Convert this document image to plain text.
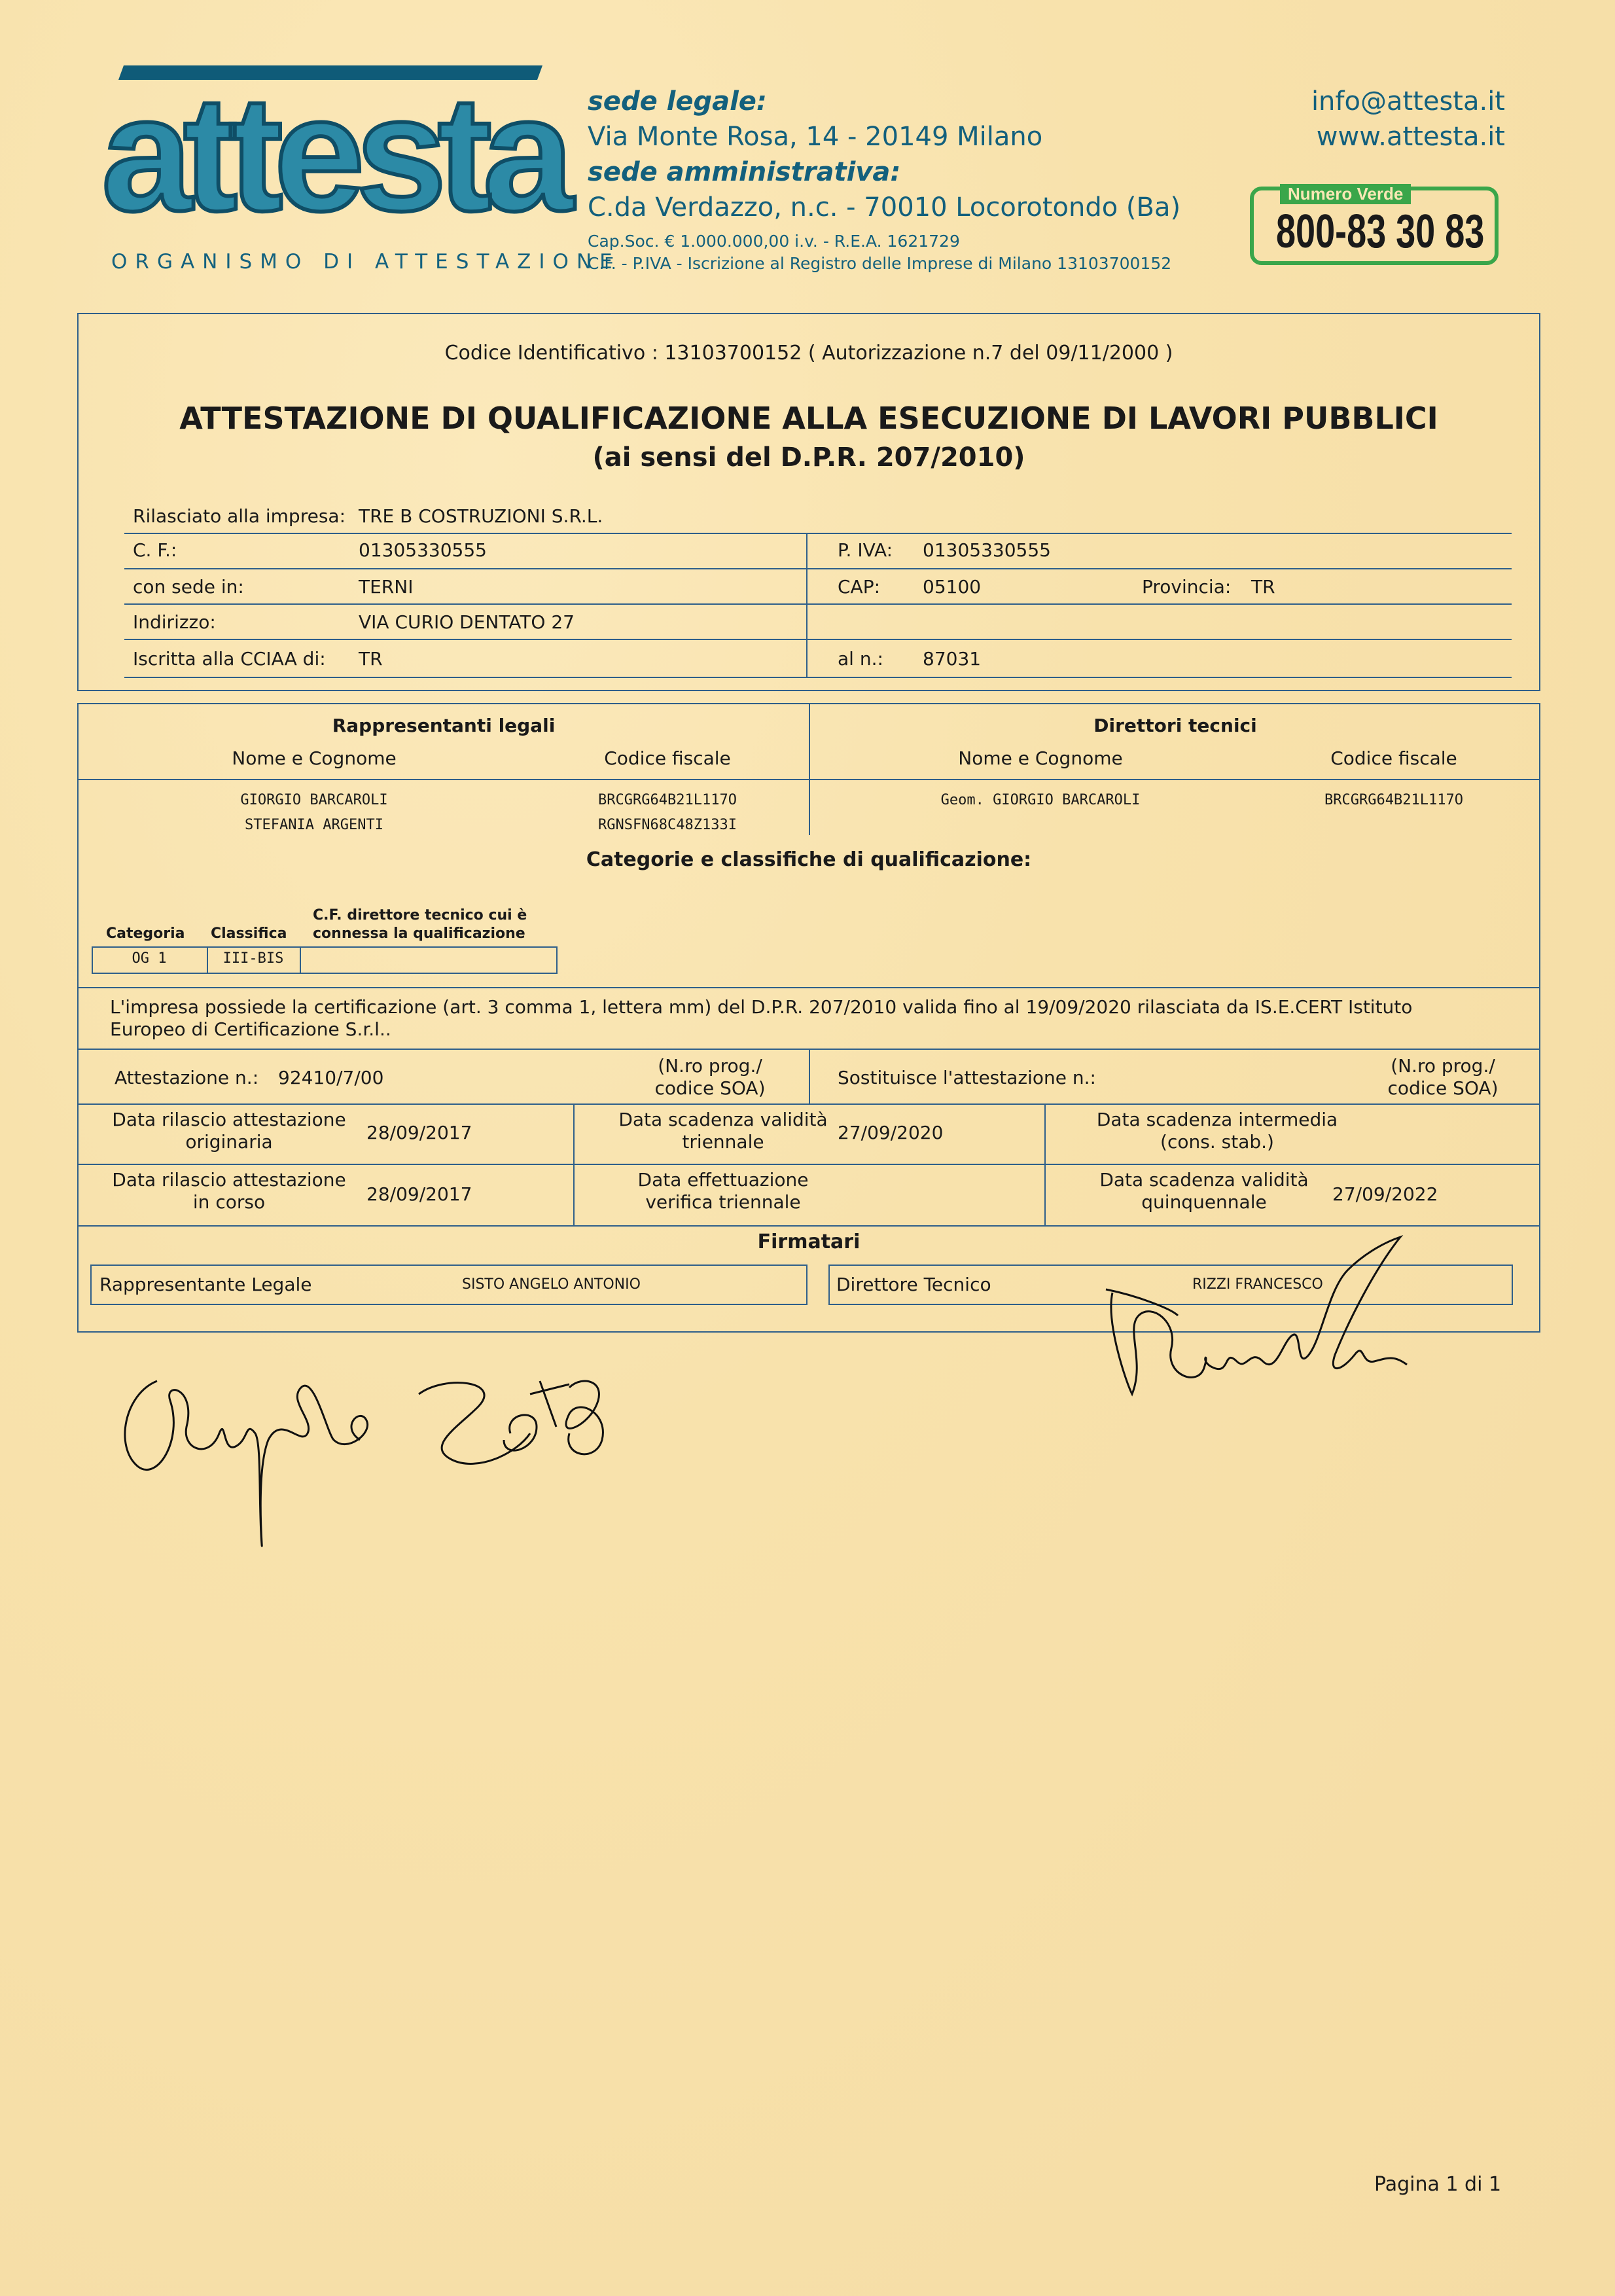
attesta
ORGANISMO DI ATTESTAZIONE
sede legale:
Via Monte Rosa, 14 - 20149 Milano
sede amministrativa:
C.da Verdazzo, n.c. - 70010 Locorotondo (Ba)
Cap.Soc. € 1.000.000,00 i.v. - R.E.A. 1621729
C.F. - P.IVA - Iscrizione al Registro delle Imprese di Milano 13103700152
info@attesta.it
www.attesta.it
Numero Verde
800-83 30 83
Codice Identificativo : 13103700152 ( Autorizzazione n.7 del 09/11/2000 )
ATTESTAZIONE DI QUALIFICAZIONE ALLA ESECUZIONE DI LAVORI PUBBLICI
(ai sensi del D.P.R. 207/2010)
Rilasciato alla impresa: TRE B COSTRUZIONI S.R.L.
C. F.:	01305330555	P. IVA: 01305330555
con sede in:	TERNI	CAP: 05100	Provincia: TR
Indirizzo:	VIA CURIO DENTATO 27
Iscritta alla CCIAA di: TR	al n.: 87031
Rappresentanti legali
Nome e Cognome	Codice fiscale
Direttori tecnici
Nome e Cognome	Codice fiscale
GIORGIO BARCAROLI	BRCGRG64B21L117O
STEFANIA ARGENTI	RGNSFN68C48Z133I
Geom. GIORGIO BARCAROLI	BRCGRG64B21L117O
Categorie e classifiche di qualificazione:
C.F. direttore tecnico cui è
connessa la qualificazione
Categoria Classifica
OG 1	III-BIS
L'impresa possiede la certificazione (art. 3 comma 1, lettera mm) del D.P.R. 207/2010 valida fino al 19/09/2020 rilasciata da IS.E.CERT Istituto
Europeo di Certificazione S.r.l..
Attestazione n.: 92410/7/00
(N.ro prog./
codice SOA)	Sostituisce l'attestazione n.:
(N.ro prog./
codice SOA)
Data rilascio attestazione
originaria	28/09/2017
Data scadenza validità
triennale	27/09/2020
Data scadenza intermedia
(cons. stab.)
Data rilascio attestazione
in corso	28/09/2017
Data effettuazione
verifica triennale
Data scadenza validità
quinquennale	27/09/2022
Firmatari
Rappresentante Legale	SISTO ANGELO ANTONIO	Direttore Tecnico	RIZZI FRANCESCO
Pagina 1 di 1
